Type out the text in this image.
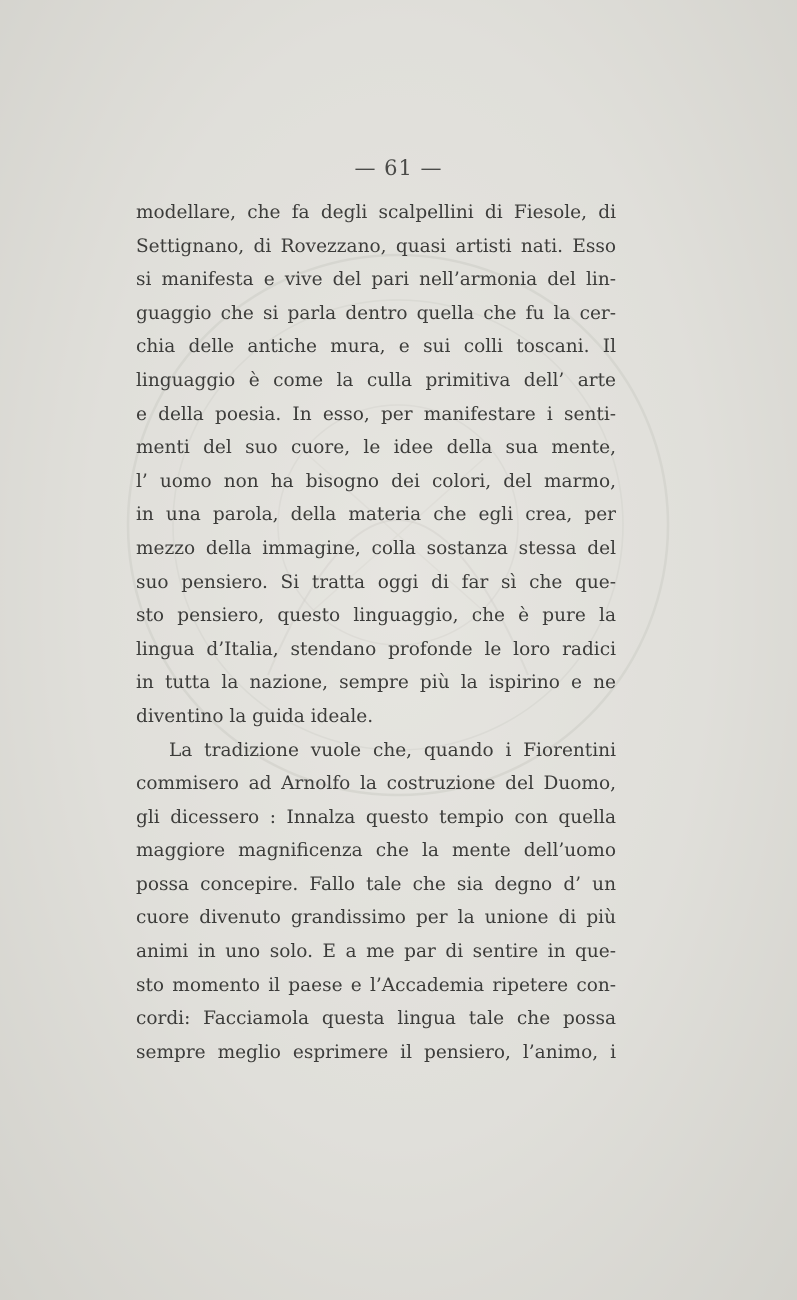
— 61 —
modellare, che fa degli scalpellini di Fiesole, di
Settignano, di Rovezzano, quasi artisti nati. Esso
si manifesta e vive del pari nell’armonia del lin-
guaggio che si parla dentro quella che fu la cer-
chia delle antiche mura, e sui colli toscani. Il
linguaggio è come la culla primitiva dell’ arte
e della poesia. In esso, per manifestare i senti-
menti del suo cuore, le idee della sua mente,
l’ uomo non ha bisogno dei colori, del marmo,
in una parola, della materia che egli crea, per
mezzo della immagine, colla sostanza stessa del
suo pensiero. Si tratta oggi di far sì che que-
sto pensiero, questo linguaggio, che è pure la
lingua d’Italia, stendano profonde le loro radici
in tutta la nazione, sempre più la ispirino e ne
diventino la guida ideale.
La tradizione vuole che, quando i Fiorentini
commisero ad Arnolfo la costruzione del Duomo,
gli dicessero : Innalza questo tempio con quella
maggiore magnificenza che la mente dell’uomo
possa concepire. Fallo tale che sia degno d’ un
cuore divenuto grandissimo per la unione di più
animi in uno solo. E a me par di sentire in que-
sto momento il paese e l’Accademia ripetere con-
cordi: Facciamola questa lingua tale che possa
sempre meglio esprimere il pensiero, l’animo, i
